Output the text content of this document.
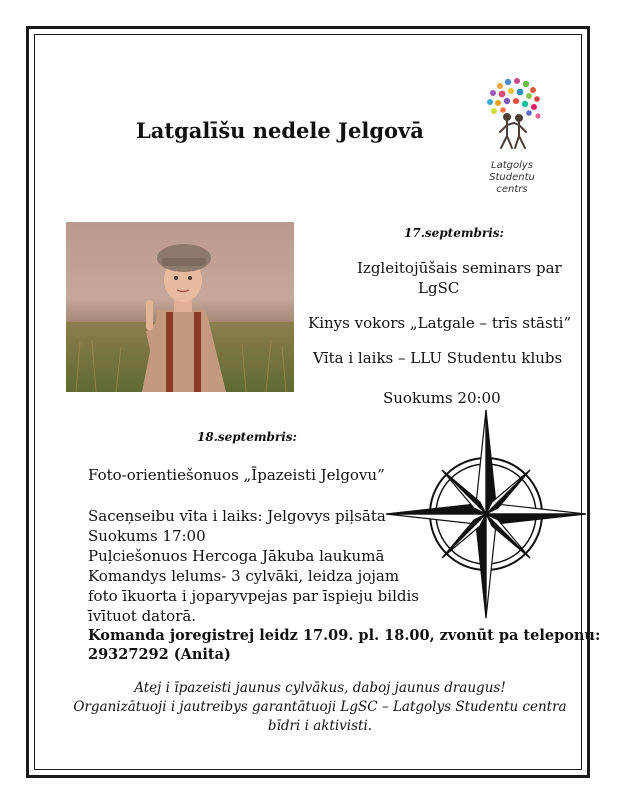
Latgalīšu nedele Jelgovā
Latgolys
Studentu
centrs
17.septembris:
Izgleitojūšais seminars par
LgSC
Kinys vokors „Latgale – trīs stāsti”
Vīta i laiks – LLU Studentu klubs
Suokums 20:00
18.septembris:
Foto-orientiešonuos „Īpazeisti Jelgovu”
Saceņseibu vīta i laiks: Jelgovys piļsāta
Suokums 17:00
Puļciešonuos Hercoga Jākuba laukumā
Komandys lelums- 3 cylvāki, leidza jojam
foto īkuorta i joparyvpejas par īspieju bildis
īvītuot datorā.
Komanda joregistrej leidz 17.09. pl. 18.00, zvonūt pa teleponu:
29327292 (Anita)
Atej i īpazeisti jaunus cylvākus, daboj jaunus draugus!
Organizātuoji i jautreibys garantātuoji LgSC – Latgolys Studentu centra
bīdri i aktivisti.
